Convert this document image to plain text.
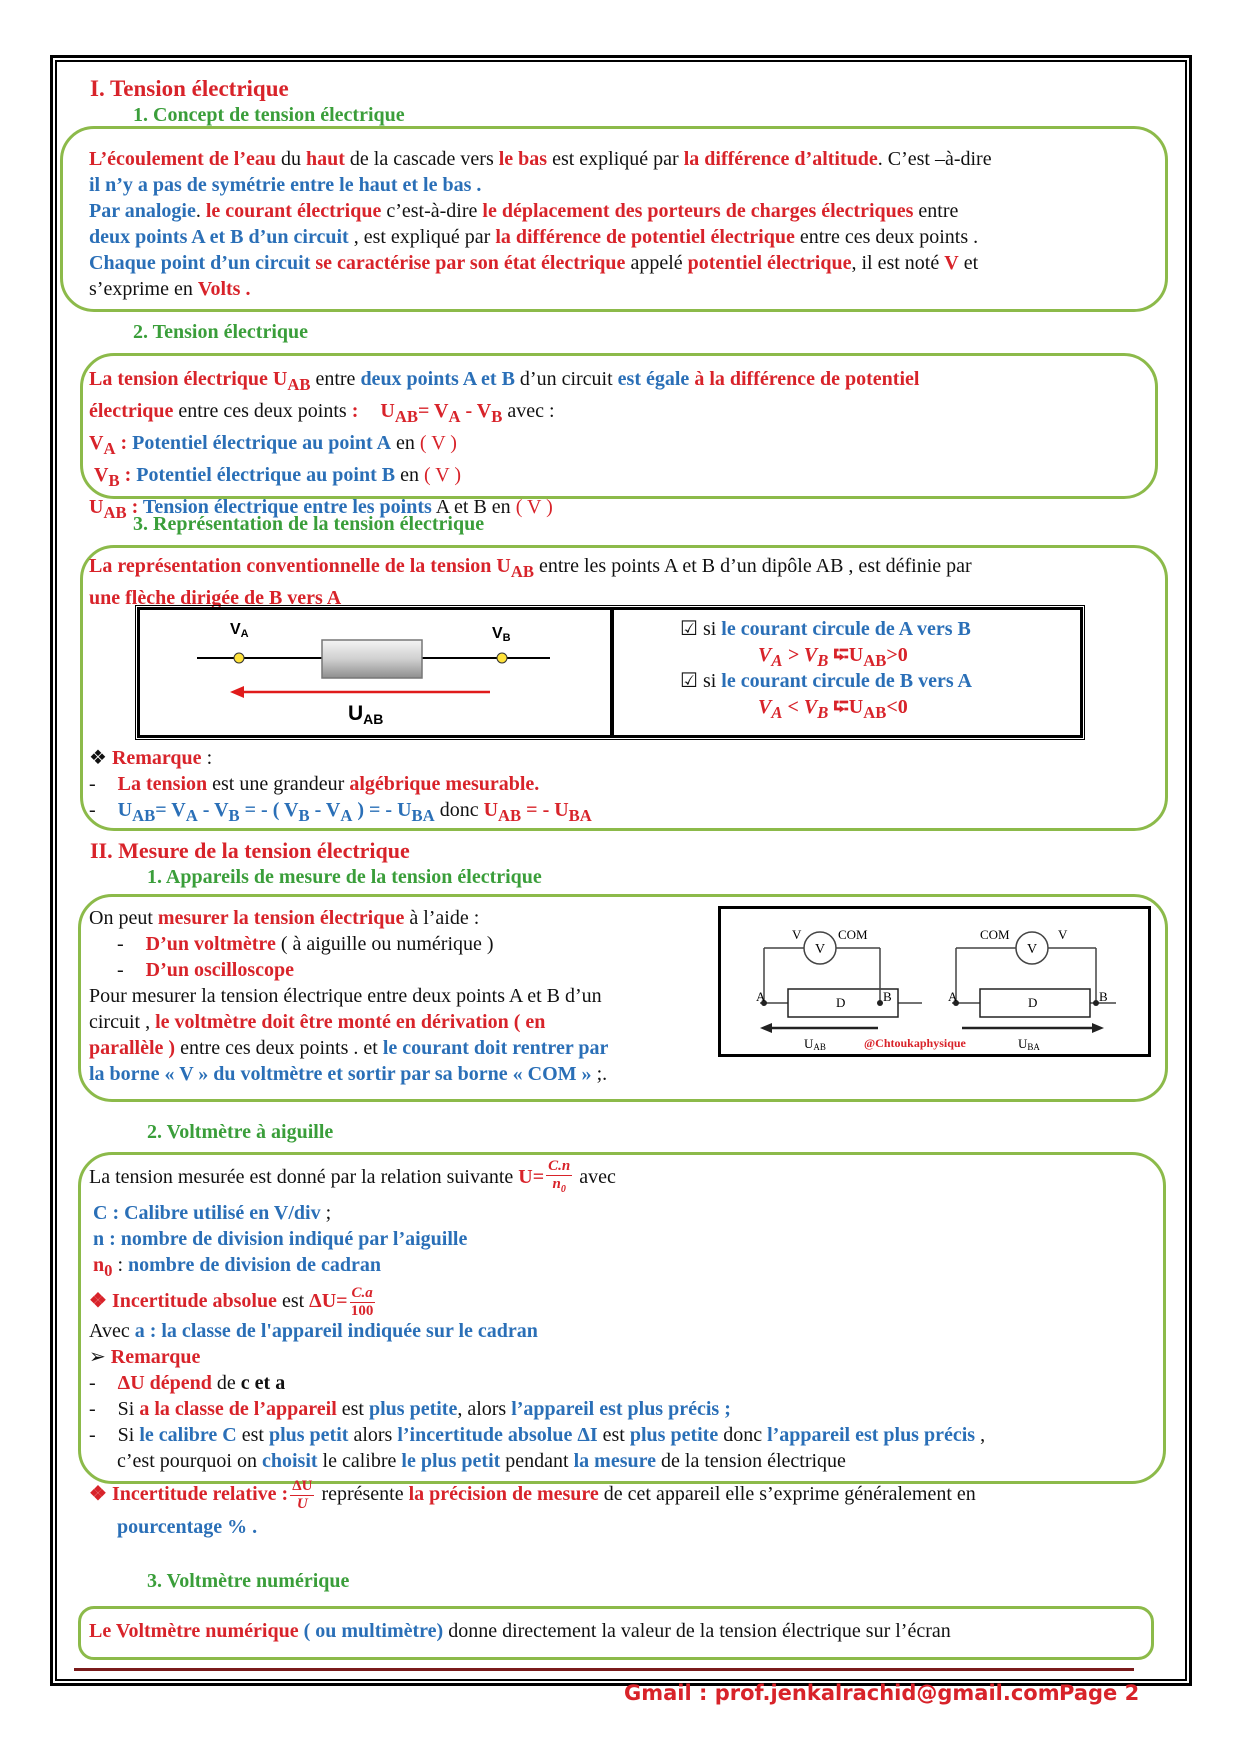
I. Tension électrique
1. Concept de tension électrique
L’écoulement de l’eau du haut de la cascade vers le bas est expliqué par la différence d’altitude. C’est –à-dire
il n’y a pas de symétrie entre le haut et le bas .
Par analogie. le courant électrique c’est-à-dire le déplacement des porteurs de charges électriques entre
deux points A et B d’un circuit , est expliqué par la différence de potentiel électrique entre ces deux points .
Chaque point d’un circuit se caractérise par son état électrique appelé potentiel électrique, il est noté V et
s’exprime en Volts .
2. Tension électrique
La tension électrique $U_{AB}$ entre deux points A et B d’un circuit est égale à la différence de potentiel
électrique entre ces deux points : $U_{AB}= V_A - V_B$ avec :
$V_A$ : Potentiel électrique au point A en ( V )
$V_B$ : Potentiel électrique au point B en ( V )
$U_{AB}$ : Tension électrique entre les points A et B en ( V )
3. Représentation de la tension électrique
La représentation conventionnelle de la tension $U_{AB}$ entre les points A et B d’un dipôle AB , est définie par
une flèche dirigée de B vers A
VA	VB
UAB

☑ si le courant circule de A vers B
$V_A > V_B$ $⮓U_{AB}>0$
☑ si le courant circule de B vers A
$V_A < V_B$ $⮓U_{AB}<0$
❖ Remarque :
- La tension est une grandeur algébrique mesurable.
- $U_{AB}= V_A - V_B$ = - ( $V_B - V_A$ ) = - $U_{BA}$ donc $U_{AB}$ = - $U_{BA}$
II. Mesure de la tension électrique
1. Appareils de mesure de la tension électrique
On peut mesurer la tension électrique à l’aide :
- D’un voltmètre ( à aiguille ou numérique )
- D’un oscilloscope
Pour mesurer la tension électrique entre deux points A et B d’un
circuit , le voltmètre doit être monté en dérivation ( en
parallèle ) entre ces deux points . et le courant doit rentrer par
la borne « V » du voltmètre et sortir par sa borne « COM » ;.
V
V	COM
D
A	B
UAB
V
COM	V
D
A	B
UBA
@Chtoukaphysique
2. Voltmètre à aiguille
La tension mesurée est donné par la relation suivante $U= \frac{C.n}{n_0}$ avec
C : Calibre utilisé en V/div ;
n : nombre de division indiqué par l’aiguille
$n_0$ : nombre de division de cadran
❖ Incertitude absolue est $\Delta U= \frac{C.a}{100}$
Avec a : la classe de l'appareil indiquée sur le cadran
➢ Remarque
- ΔU dépend de c et a
- Si a la classe de l’appareil est plus petite, alors l’appareil est plus précis ;
- Si le calibre C est plus petit alors l’incertitude absolue ΔI est plus petite donc l’appareil est plus précis ,
c’est pourquoi on choisit le calibre le plus petit pendant la mesure de la tension électrique
❖ Incertitude relative : $\frac{\Delta U}{U}$ représente la précision de mesure de cet appareil elle s’exprime généralement en
pourcentage % .
3. Voltmètre numérique
Le Voltmètre numérique ( ou multimètre) donne directement la valeur de la tension électrique sur l’écran
Gmail : prof.jenkalrachid@gmail.com Page 2
